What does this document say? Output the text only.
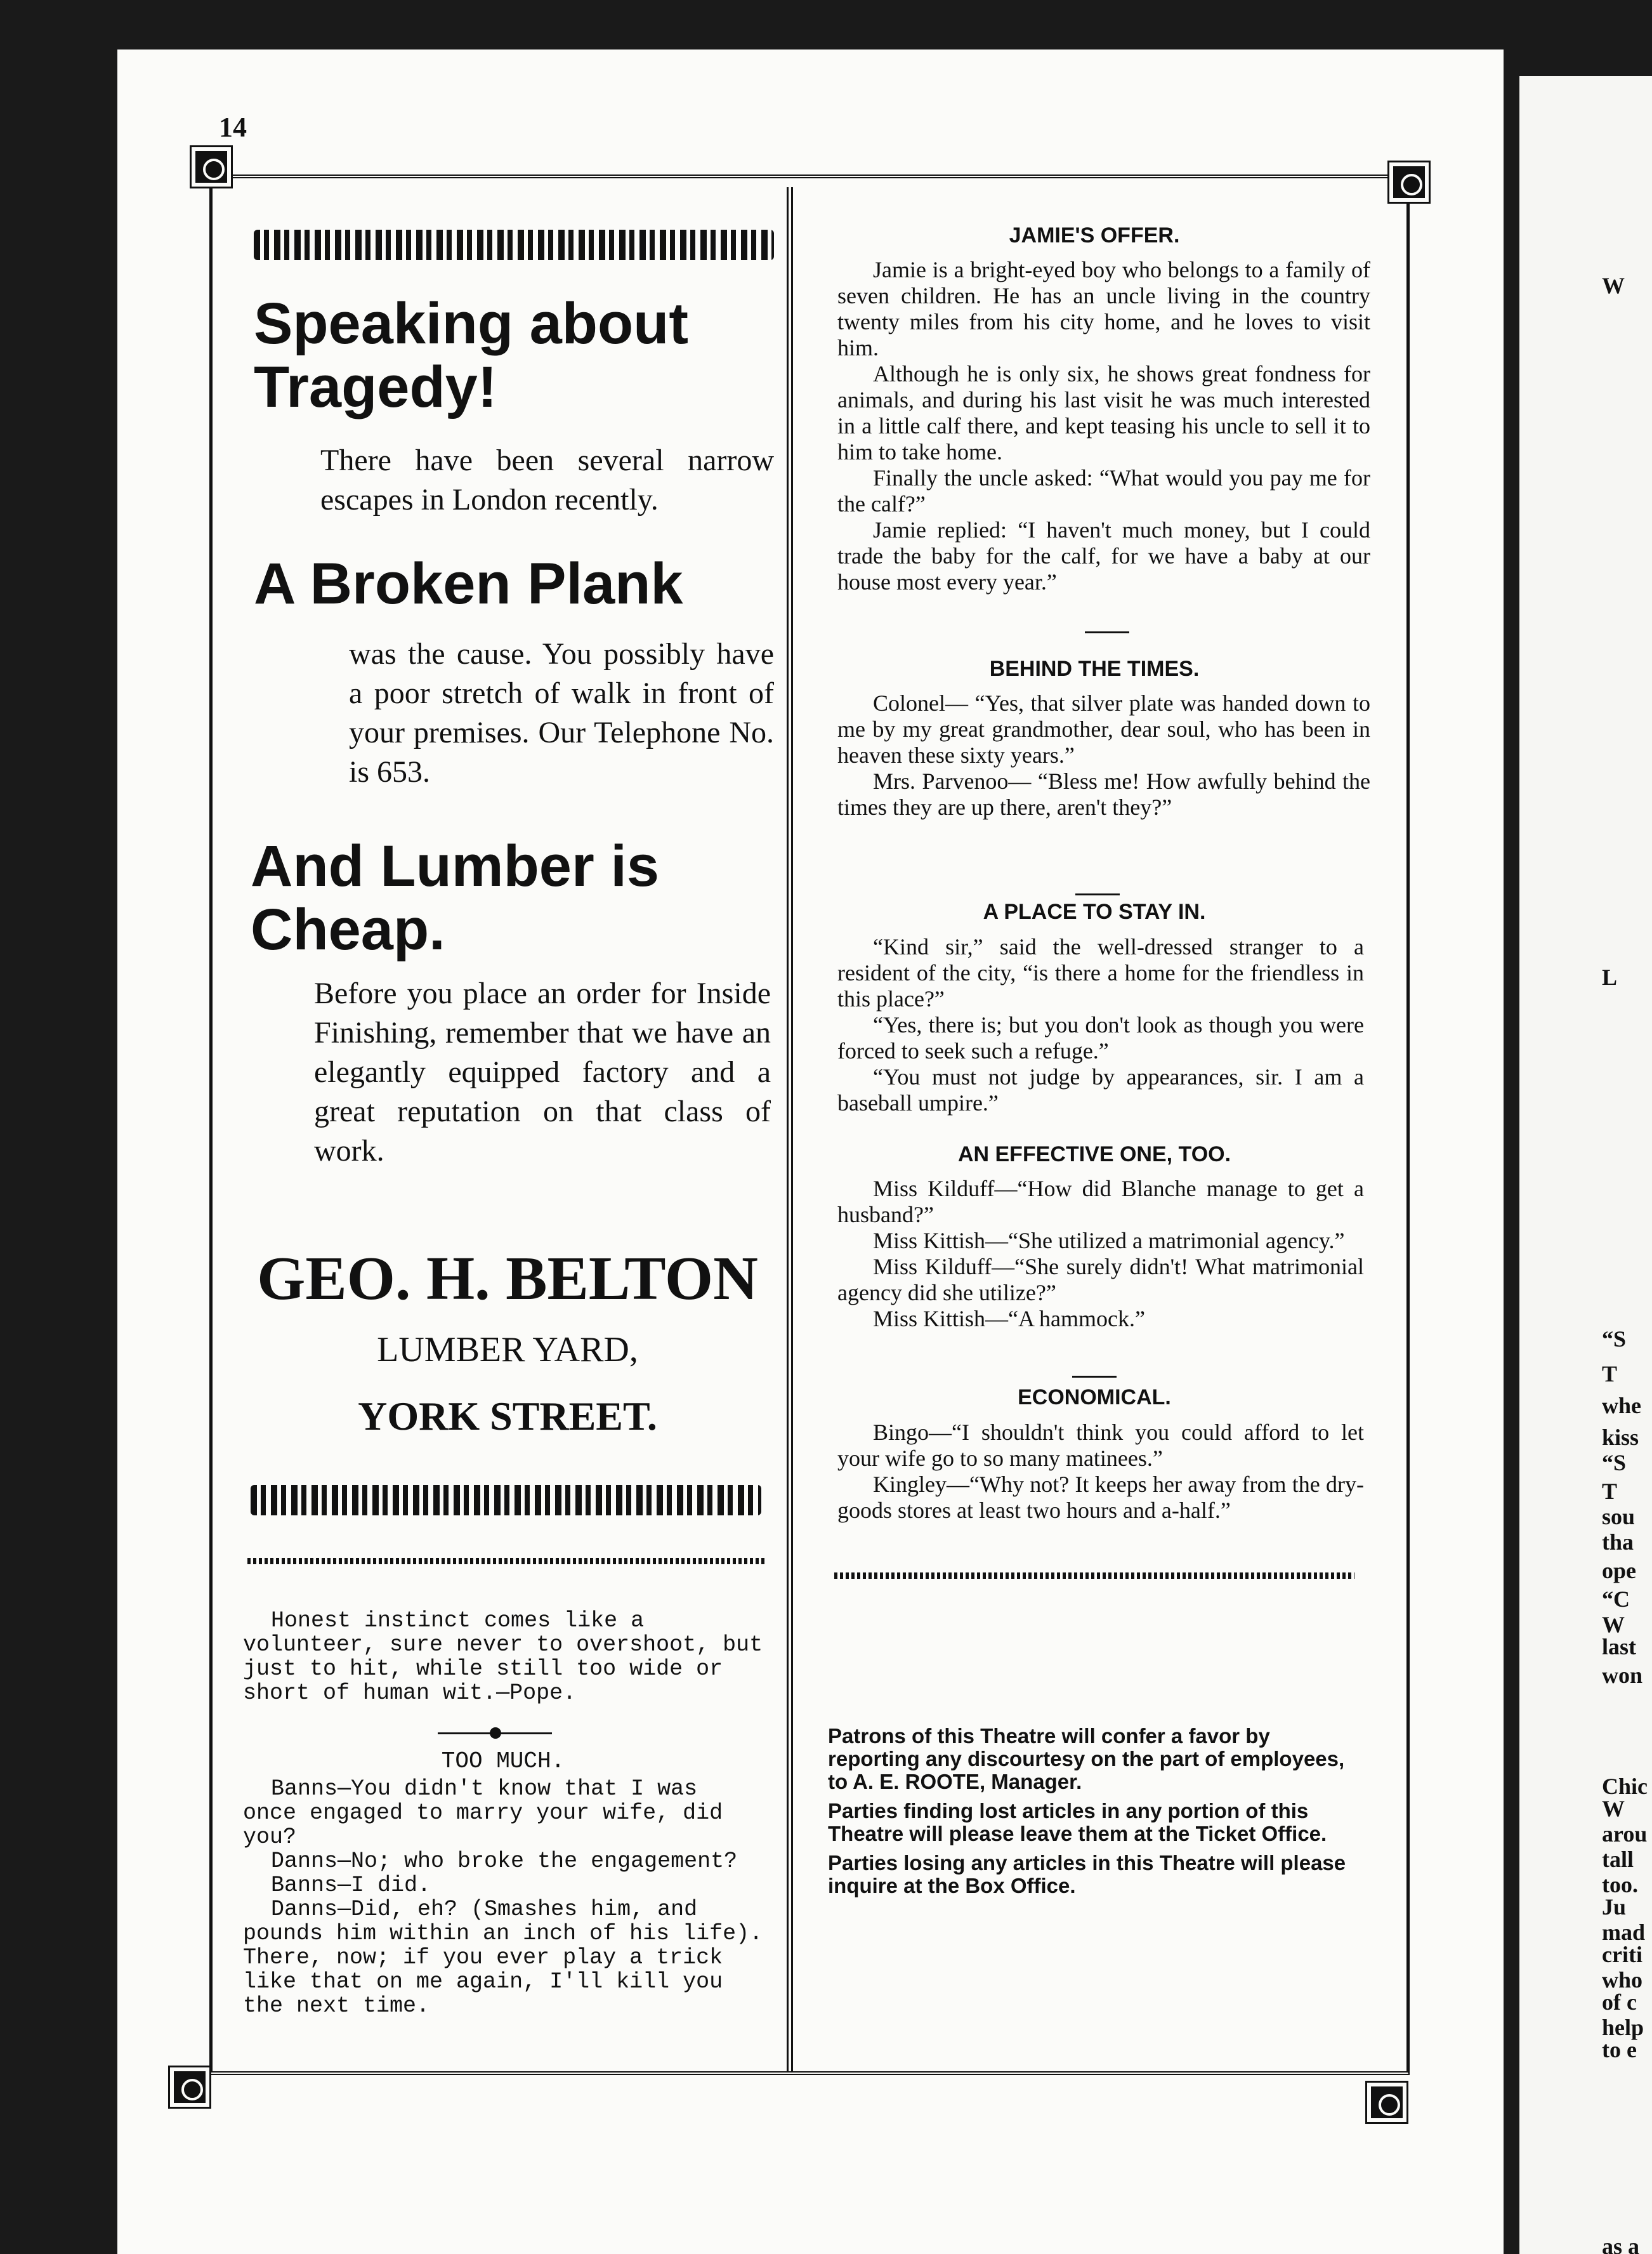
W
L
“S
T
whe
kiss
“S
T
sou
tha
ope
“C
W
last
won
Chic
W
arou
tall
too.
Ju
mad
criti
who
of c
help
to e
as a
14
Speaking about Tragedy!
There have been several narrow escapes in London recently.
A Broken Plank
was the cause. You possibly have a poor stretch of walk in front of your premises. Our Telephone No. is 653.
And Lumber is Cheap.
Before you place an order for Inside Finishing, remember that we have an elegantly equipped factory and a great reputation on that class of work.
GEO. H. BELTON
LUMBER YARD,
YORK STREET.

Honest instinct comes like a volunteer, sure never to overshoot, but just to hit, while still too wide or short of human wit.—Pope.

TOO MUCH.

Banns—You didn't know that I was once engaged to marry your wife, did you?

Danns—No; who broke the engagement?

Banns—I did.

Danns—Did, eh? (Smashes him, and pounds him within an inch of his life). There, now; if you ever play a trick like that on me again, I'll kill you the next time.

JAMIE'S OFFER.

Jamie is a bright-eyed boy who belongs to a family of seven children. He has an uncle living in the country twenty miles from his city home, and he loves to visit him.

Although he is only six, he shows great fondness for animals, and during his last visit he was much interested in a little calf there, and kept teasing his uncle to sell it to him to take home.

Finally the uncle asked: “What would you pay me for the calf?”

Jamie replied: “I haven't much money, but I could trade the baby for the calf, for we have a baby at our house most every year.”

BEHIND THE TIMES.

Colonel— “Yes, that silver plate was handed down to me by my great grandmother, dear soul, who has been in heaven these sixty years.”

Mrs. Parvenoo— “Bless me! How awfully behind the times they are up there, aren't they?”

A PLACE TO STAY IN.

“Kind sir,” said the well-dressed stranger to a resident of the city, “is there a home for the friendless in this place?”

“Yes, there is; but you don't look as though you were forced to seek such a refuge.”

“You must not judge by appearances, sir. I am a baseball umpire.”

AN EFFECTIVE ONE, TOO.

Miss Kilduff—“How did Blanche manage to get a husband?”

Miss Kittish—“She utilized a matrimonial agency.”

Miss Kilduff—“She surely didn't! What matrimonial agency did she utilize?”

Miss Kittish—“A hammock.”

ECONOMICAL.

Bingo—“I shouldn't think you could afford to let your wife go to so many matinees.”

Kingley—“Why not? It keeps her away from the dry-goods stores at least two hours and a-half.”

Patrons of this Theatre will confer a favor by reporting any discourtesy on the part of employees, to A. E. ROOTE, Manager.

Parties finding lost articles in any portion of this Theatre will please leave them at the Ticket Office.

Parties losing any articles in this Theatre will please inquire at the Box Office.
